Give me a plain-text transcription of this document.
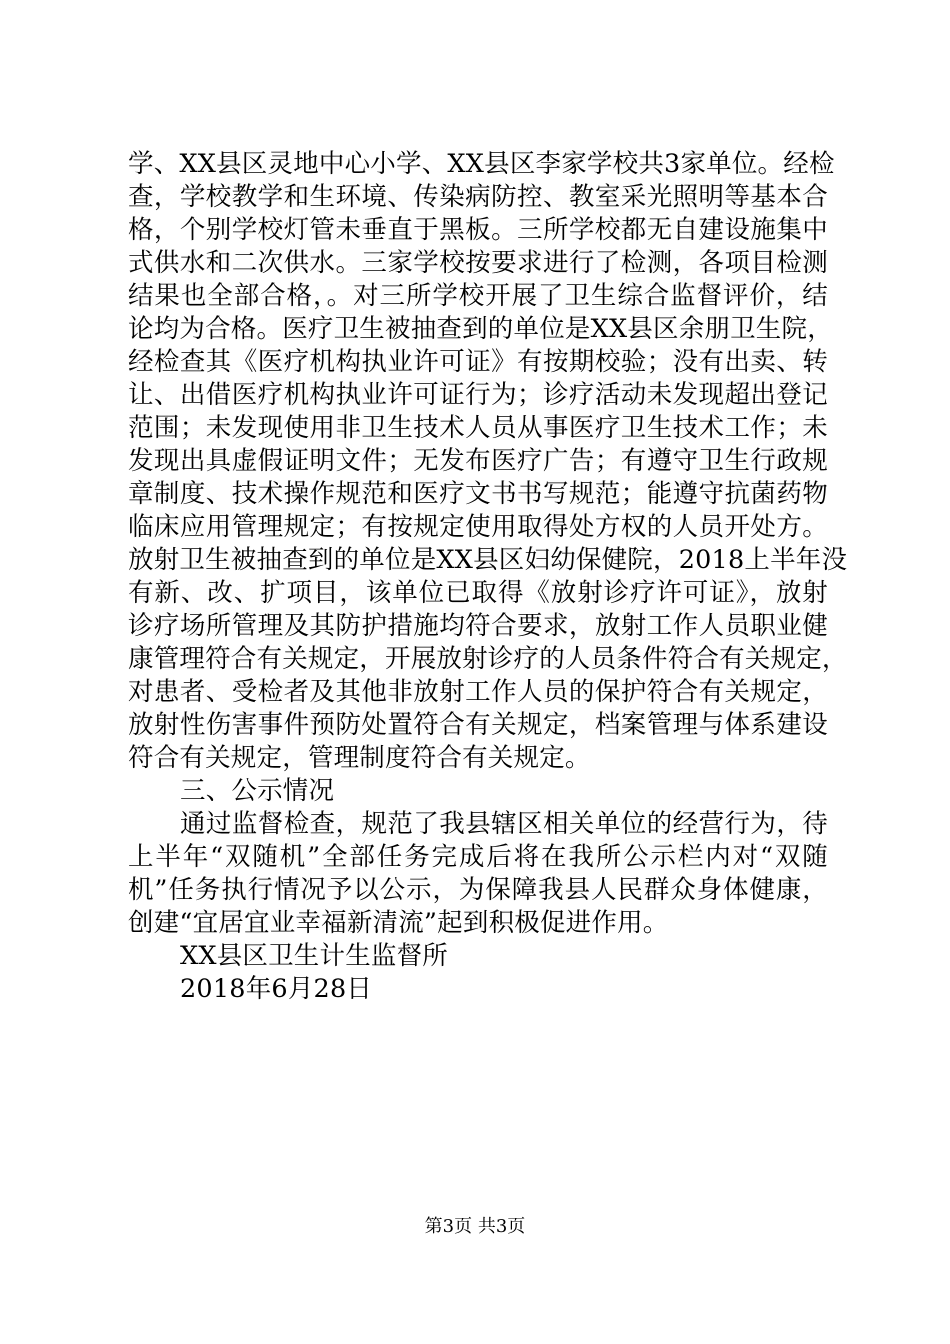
学、XX县区灵地中心小学、XX县区李家学校共3家单位。经检
查，学校教学和生环境、传染病防控、教室采光照明等基本合
格，个别学校灯管未垂直于黑板。三所学校都无自建设施集中
式供水和二次供水。三家学校按要求进行了检测，各项目检测
结果也全部合格，。对三所学校开展了卫生综合监督评价，结
论均为合格。医疗卫生被抽查到的单位是XX县区余朋卫生院，
经检查其《医疗机构执业许可证》有按期校验；没有出卖、转
让、出借医疗机构执业许可证行为；诊疗活动未发现超出登记
范围；未发现使用非卫生技术人员从事医疗卫生技术工作；未
发现出具虚假证明文件；无发布医疗广告；有遵守卫生行政规
章制度、技术操作规范和医疗文书书写规范；能遵守抗菌药物
临床应用管理规定；有按规定使用取得处方权的人员开处方。
放射卫生被抽查到的单位是XX县区妇幼保健院，2018上半年没
有新、改、扩项目，该单位已取得《放射诊疗许可证》，放射
诊疗场所管理及其防护措施均符合要求，放射工作人员职业健
康管理符合有关规定，开展放射诊疗的人员条件符合有关规定，
对患者、受检者及其他非放射工作人员的保护符合有关规定，
放射性伤害事件预防处置符合有关规定，档案管理与体系建设
符合有关规定，管理制度符合有关规定。
三、公示情况
通过监督检查，规范了我县辖区相关单位的经营行为，待
上半年“双随机”全部任务完成后将在我所公示栏内对“双随
机”任务执行情况予以公示，为保障我县人民群众身体健康，
创建“宜居宜业幸福新清流”起到积极促进作用。
XX县区卫生计生监督所
2018年6月28日
第3页 共3页
